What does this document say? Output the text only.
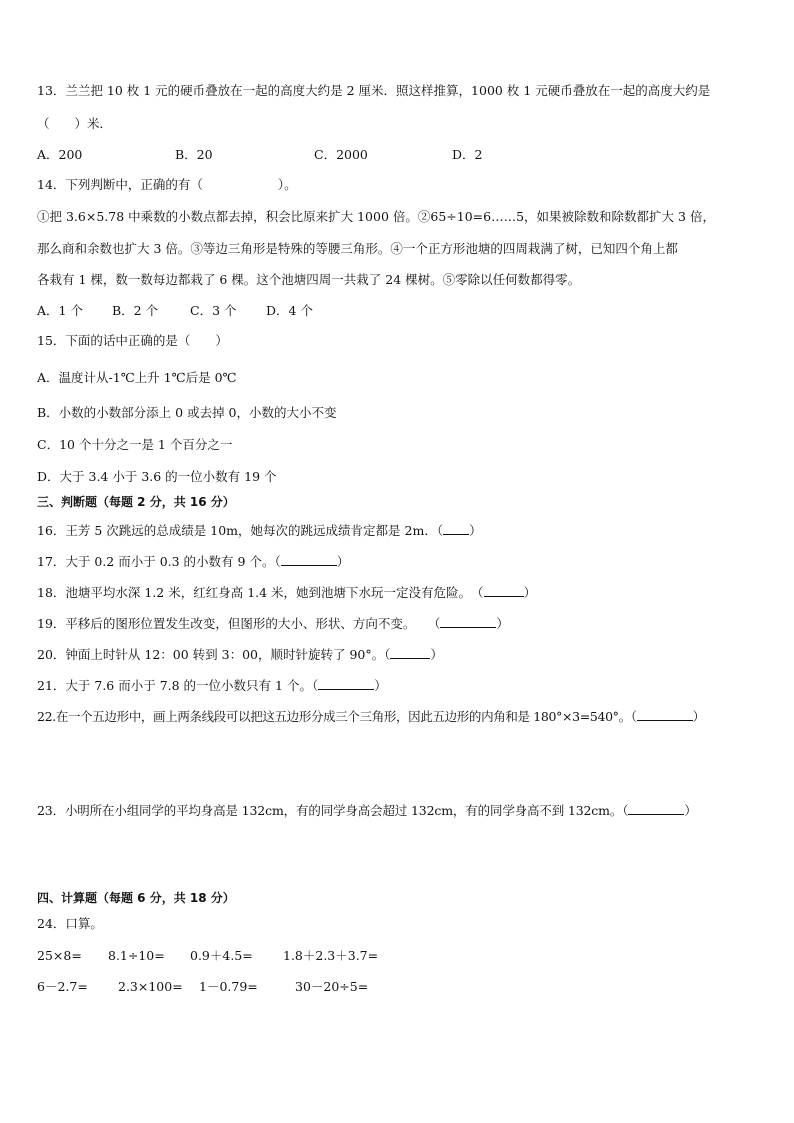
13．兰兰把 10 枚 1 元的硬币叠放在一起的高度大约是 2 厘米．照这样推算，1000 枚 1 元硬币叠放在一起的高度大约是
（　　）米．
A．200	B．20	C．2000	D．2
14．下列判断中，正确的有（　　　　　　）。
①把 3.6×5.78 中乘数的小数点都去掉，积会比原来扩大 1000 倍。②65÷10=6……5，如果被除数和除数都扩大 3 倍，
那么商和余数也扩大 3 倍。③等边三角形是特殊的等腰三角形。④一个正方形池塘的四周栽满了树，已知四个角上都
各栽有 1 棵，数一数每边都栽了 6 棵。这个池塘四周一共栽了 24 棵树。⑤零除以任何数都得零。
A．1 个 B．2 个	C．3 个 D．4 个
15．下面的话中正确的是（　　）
A．温度计从-1℃上升 1℃后是 0℃
B．小数的小数部分添上 0 或去掉 0，小数的大小不变
C．10 个十分之一是 1 个百分之一
D．大于 3.4 小于 3.6 的一位小数有 19 个
三、判断题（每题 2 分，共 16 分）
16．王芳 5 次跳远的总成绩是 10m，她每次的跳远成绩肯定都是 2m．（ ）
17．大于 0.2 而小于 0.3 的小数有 9 个。（	）
18．池塘平均水深 1.2 米，红红身高 1.4 米，她到池塘下水玩一定没有危险。　（	）
19．平移后的图形位置发生改变，但图形的大小、形状、方向不变。　　（	）
20．钟面上时针从 12：00 转到 3：00，顺时针旋转了 90°。（	）
21．大于 7.6 而小于 7.8 的一位小数只有 1 个。（	）
22.在一个五边形中，画上两条线段可以把这五边形分成三个三角形，因此五边形的内角和是 180°×3=540°。（	）
23．小明所在小组同学的平均身高是 132cm，有的同学身高会超过 132cm，有的同学身高不到 132cm。（	）
四、计算题（每题 6 分，共 18 分）
24．口算。
25×8= 8.1÷10= 0.9＋4.5= 1.8＋2.3＋3.7=
6－2.7= 2.3×100= 1－0.79=	30－20÷5=
